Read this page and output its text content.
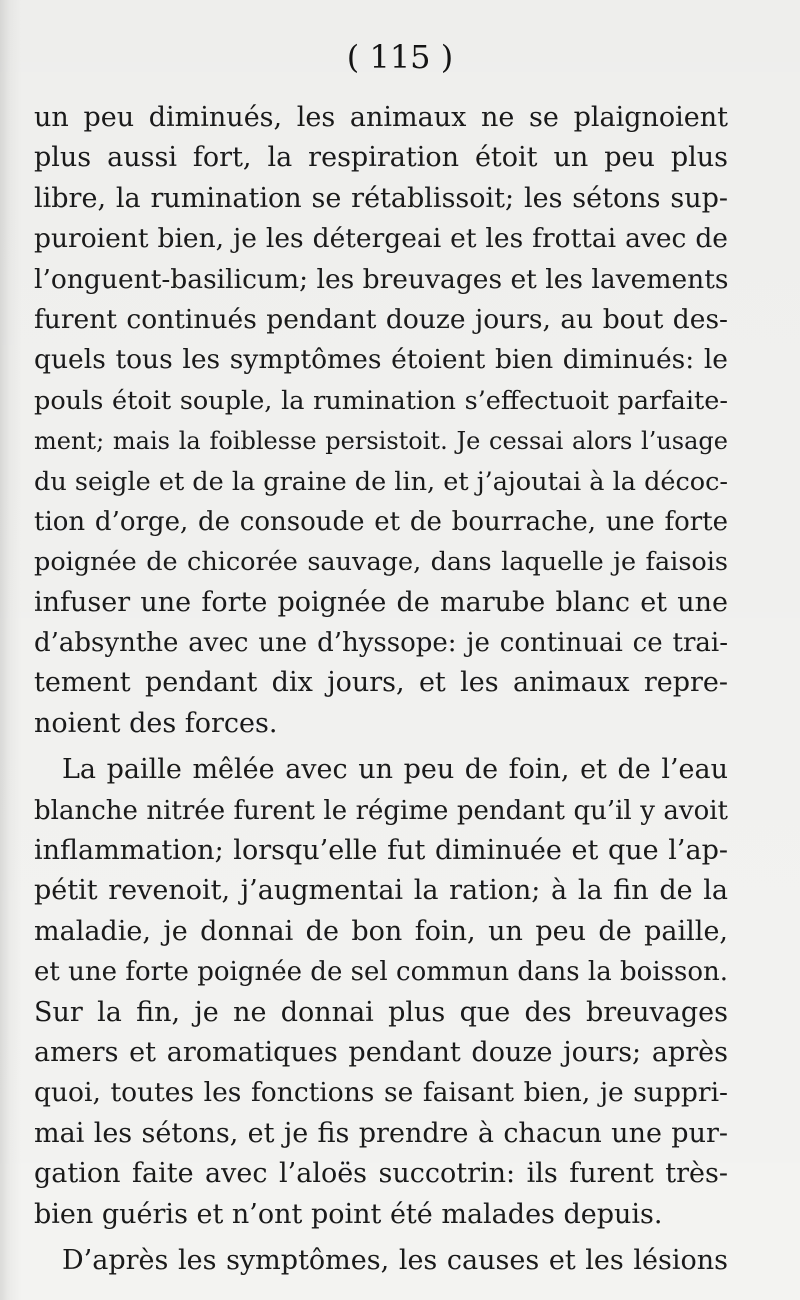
( 115 )
un peu diminués, les animaux ne se plaignoient
plus aussi fort, la respiration étoit un peu plus
libre, la rumination se rétablissoit; les sétons sup-
puroient bien, je les détergeai et les frottai avec de
l’onguent-basilicum; les breuvages et les lavements
furent continués pendant douze jours, au bout des-
quels tous les symptômes étoient bien diminués: le
pouls étoit souple, la rumination s’effectuoit parfaite-
ment; mais la foiblesse persistoit. Je cessai alors l’usage
du seigle et de la graine de lin, et j’ajoutai à la décoc-
tion d’orge, de consoude et de bourrache, une forte
poignée de chicorée sauvage, dans laquelle je faisois
infuser une forte poignée de marube blanc et une
d’absynthe avec une d’hyssope: je continuai ce trai-
tement pendant dix jours, et les animaux repre-
noient des forces.
La paille mêlée avec un peu de foin, et de l’eau
blanche nitrée furent le régime pendant qu’il y avoit
inflammation; lorsqu’elle fut diminuée et que l’ap-
pétit revenoit, j’augmentai la ration; à la fin de la
maladie, je donnai de bon foin, un peu de paille,
et une forte poignée de sel commun dans la boisson.
Sur la fin, je ne donnai plus que des breuvages
amers et aromatiques pendant douze jours; après
quoi, toutes les fonctions se faisant bien, je suppri-
mai les sétons, et je fis prendre à chacun une pur-
gation faite avec l’aloës succotrin: ils furent très-
bien guéris et n’ont point été malades depuis.
D’après les symptômes, les causes et les lésions
